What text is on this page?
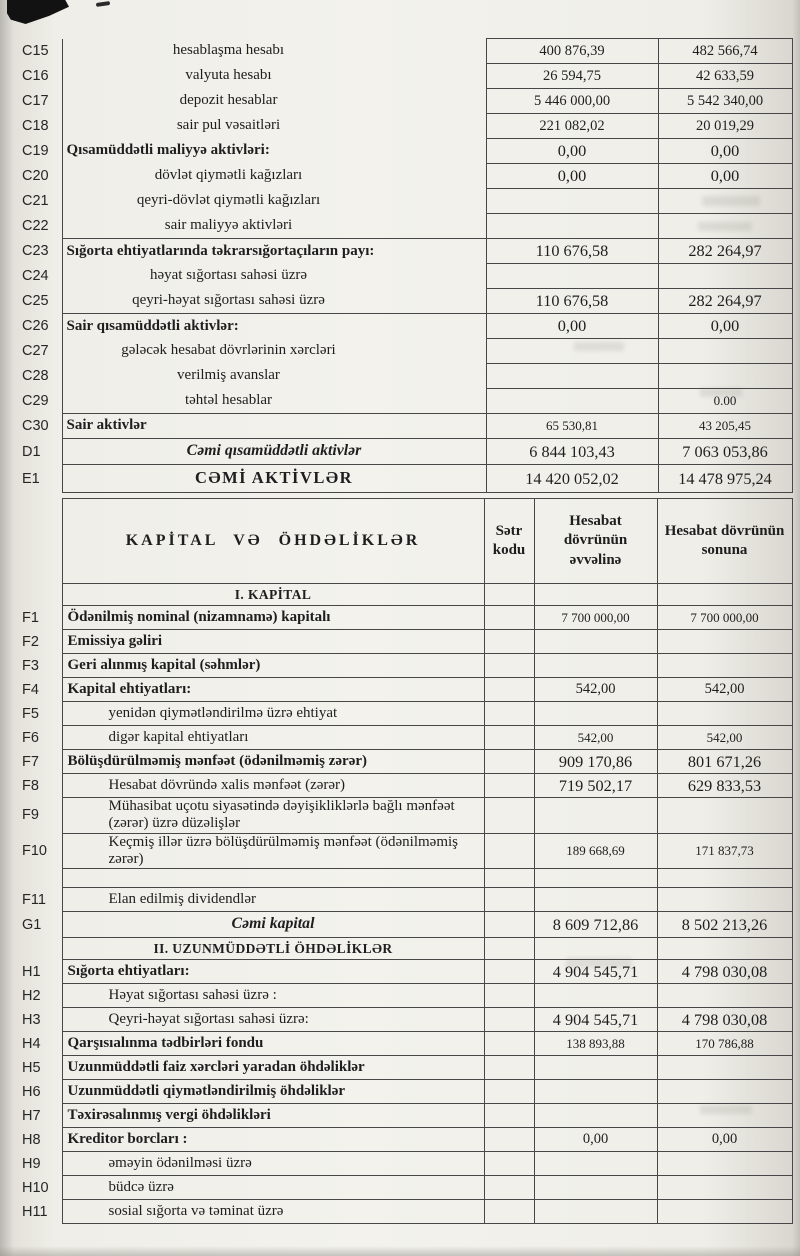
C15	hesablaşma hesabı	400 876,39	482 566,74
C16	valyuta hesabı	26 594,75	42 633,59
C17	depozit hesablar	5 446 000,00	5 542 340,00
C18	sair pul vəsaitləri	221 082,02	20 019,29
C19	Qısamüddətli maliyyə aktivləri:	0,00	0,00
C20	dövlət qiymətli kağızları	0,00	0,00
C21	qeyri-dövlət qiymətli kağızları		
C22	sair maliyyə aktivləri		
C23	Sığorta ehtiyatlarında təkrarsığortaçıların payı:	110 676,58	282 264,97
C24	həyat sığortası sahəsi üzrə		
C25	qeyri-həyat sığortası sahəsi üzrə	110 676,58	282 264,97
C26	Sair qısamüddətli aktivlər:	0,00	0,00
C27	gələcək hesabat dövrlərinin xərcləri		
C28	verilmiş avanslar		
C29	təhtəl hesablar		0.00
C30	Sair aktivlər	65 530,81	43 205,45
D1	Cəmi qısamüddətli aktivlər	6 844 103,43	7 063 053,86
E1	CƏMİ AKTİVLƏR	14 420 052,02	14 478 975,24
	KAPİTAL VƏ ÖHDƏLİKLƏR	Sətr kodu	Hesabat dövrünün əvvəlinə	Hesabat dövrünün sonuna
	I. KAPİTAL			
F1	Ödənilmiş nominal (nizamnamə) kapitalı		7 700 000,00	7 700 000,00
F2	Emissiya gəliri			
F3	Geri alınmış kapital (səhmlər)			
F4	Kapital ehtiyatları:		542,00	542,00
F5	yenidən qiymətləndirilmə üzrə ehtiyat			
F6	digər kapital ehtiyatları		542,00	542,00
F7	Bölüşdürülməmiş mənfəət (ödənilməmiş zərər)		909 170,86	801 671,26
F8	Hesabat dövründə xalis mənfəət (zərər)		719 502,17	629 833,53
F9	Mühasibat uçotu siyasətində dəyişikliklərlə bağlı mənfəət (zərər) üzrə düzəlişlər			
F10	Keçmiş illər üzrə bölüşdürülməmiş mənfəət (ödənilməmiş zərər)		189 668,69	171 837,73

F11	Elan edilmiş dividendlər			
G1	Cəmi kapital		8 609 712,86	8 502 213,26
	II. UZUNMÜDDƏTLİ ÖHDƏLİKLƏR			
H1	Sığorta ehtiyatları:		4 904 545,71	4 798 030,08
H2	Həyat sığortası sahəsi üzrə :			
H3	Qeyri-həyat sığortası sahəsi üzrə:		4 904 545,71	4 798 030,08
H4	Qarşısıalınma tədbirləri fondu		138 893,88	170 786,88
H5	Uzunmüddətli faiz xərcləri yaradan öhdəliklər			
H6	Uzunmüddətli qiymətləndirilmiş öhdəliklər			
H7	Təxirəsalınmış vergi öhdəlikləri			
H8	Kreditor borcları :		0,00	0,00
H9	əməyin ödənilməsi üzrə			
H10	büdcə üzrə			
H11	sosial sığorta və təminat üzrə			
